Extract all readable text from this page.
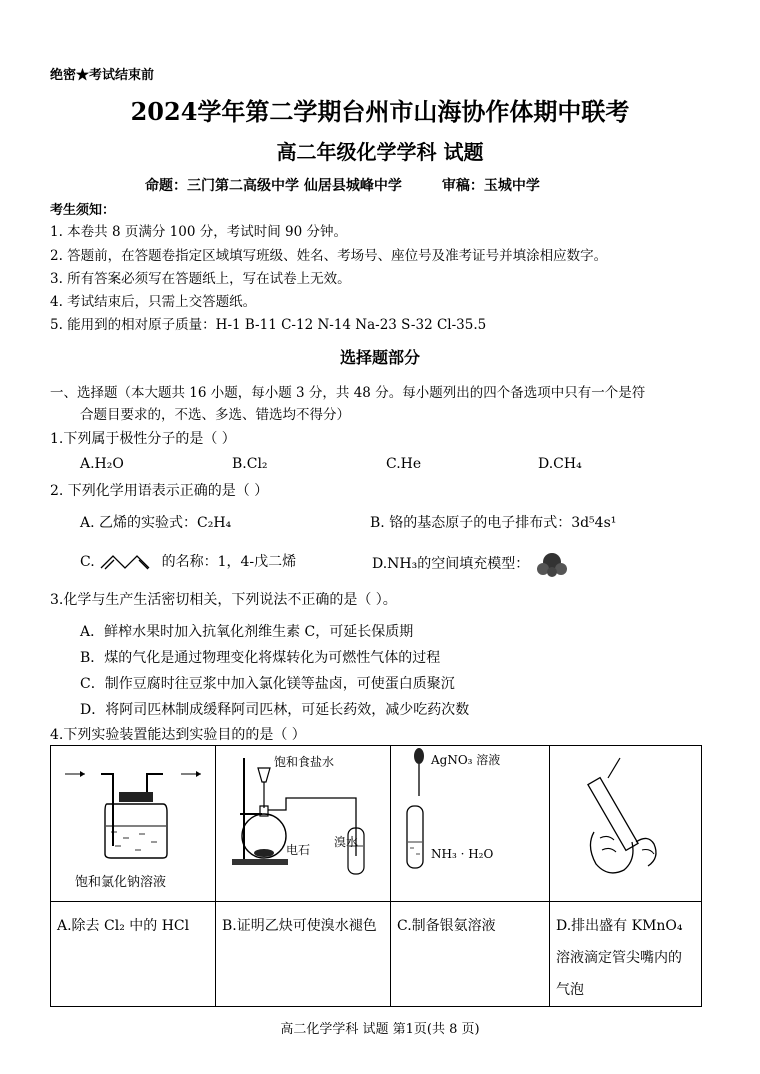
绝密★考试结束前
2024学年第二学期台州市山海协作体期中联考
高二年级化学学科 试题
命题：三门第二高级中学 仙居县城峰中学	审稿：玉城中学
考生须知：
1. 本卷共 8 页满分 100 分，考试时间 90 分钟。
2. 答题前，在答题卷指定区域填写班级、姓名、考场号、座位号及准考证号并填涂相应数字。
3. 所有答案必须写在答题纸上，写在试卷上无效。
4. 考试结束后，只需上交答题纸。
5. 能用到的相对原子质量：H-1 B-11 C-12 N-14 Na-23 S-32 Cl-35.5
选择题部分
一、选择题（本大题共 16 小题，每小题 3 分，共 48 分。每小题列出的四个备选项中只有一个是符
合题目要求的，不选、多选、错选均不得分）
1.下列属于极性分子的是（ ）
A.H₂O	B.Cl₂	C.He	D.CH₄
2. 下列化学用语表示正确的是（ ）
A. 乙烯的实验式：C₂H₄	B. 铬的基态原子的电子排布式：3d⁵4s¹
C.	的名称：1，4-戊二烯	D.NH₃的空间填充模型：
3.化学与生产生活密切相关，下列说法不正确的是（ ）。
A．鲜榨水果时加入抗氧化剂维生素 C，可延长保质期
B．煤的气化是通过物理变化将煤转化为可燃性气体的过程
C．制作豆腐时往豆浆中加入氯化镁等盐卤，可使蛋白质聚沉
D．将阿司匹林制成缓释阿司匹林，可延长药效，减少吃药次数
4.下列实验装置能达到实验目的的是（ ）
饱和氯化钠溶液	饱和食盐水
电石
溴水	AgNO₃ 溶液
NH₃ · H₂O

A.除去 Cl₂ 中的 HCl	B.证明乙炔可使溴水褪色	C.制备银氨溶液	D.排出盛有 KMnO₄溶液滴定管尖嘴内的气泡
高二化学学科 试题 第1页(共 8 页)
